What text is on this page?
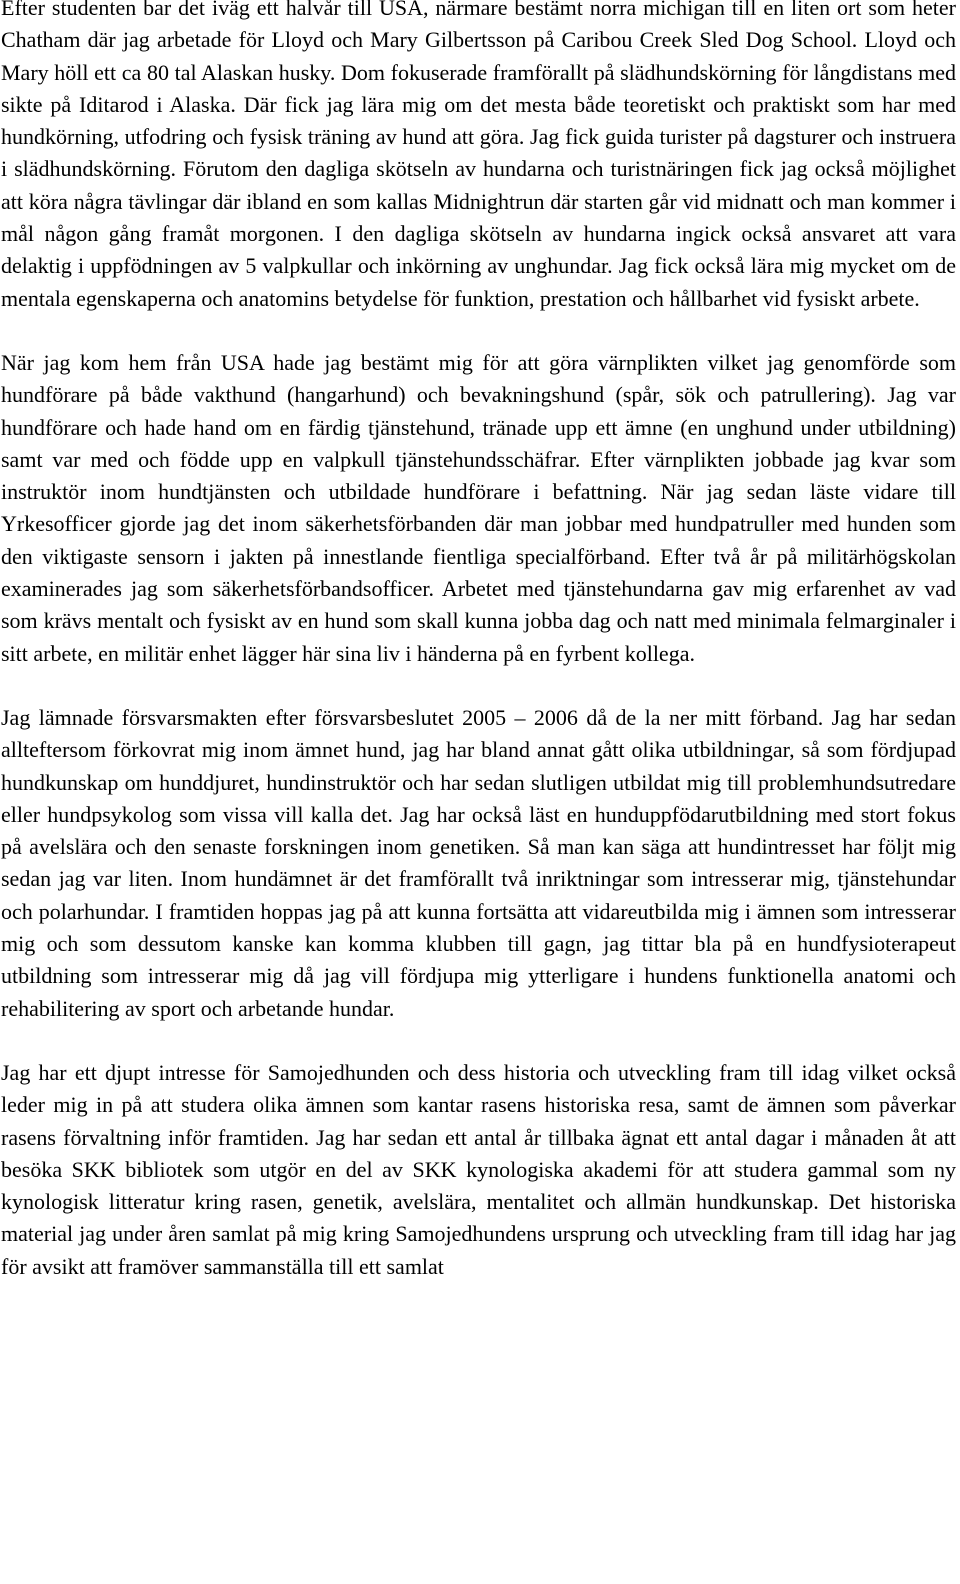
Efter studenten bar det iväg ett halvår till USA, närmare bestämt norra michigan till en liten ort som heter Chatham där jag arbetade för Lloyd och Mary Gilbertsson på Caribou Creek Sled Dog School. Lloyd och Mary höll ett ca 80 tal Alaskan husky. Dom fokuserade framförallt på slädhundskörning för långdistans med sikte på Iditarod i Alaska. Där fick jag lära mig om det mesta både teoretiskt och praktiskt som har med hundkörning, utfodring och fysisk träning av hund att göra. Jag fick guida turister på dagsturer och instruera i slädhundskörning. Förutom den dagliga skötseln av hundarna och turistnäringen fick jag också möjlighet att köra några tävlingar där ibland en som kallas Midnightrun där starten går vid midnatt och man kommer i mål någon gång framåt morgonen. I den dagliga skötseln av hundarna ingick också ansvaret att vara delaktig i uppfödningen av 5 valpkullar och inkörning av unghundar. Jag fick också lära mig mycket om de mentala egenskaperna och anatomins betydelse för funktion, prestation och hållbarhet vid fysiskt arbete.

När jag kom hem från USA hade jag bestämt mig för att göra värnplikten vilket jag genomförde som hundförare på både vakthund (hangarhund) och bevakningshund (spår, sök och patrullering). Jag var hundförare och hade hand om en färdig tjänstehund, tränade upp ett ämne (en unghund under utbildning) samt var med och födde upp en valpkull tjänstehundsschäfrar. Efter värnplikten jobbade jag kvar som instruktör inom hundtjänsten och utbildade hundförare i befattning. När jag sedan läste vidare till Yrkesofficer gjorde jag det inom säkerhetsförbanden där man jobbar med hundpatruller med hunden som den viktigaste sensorn i jakten på innestlande fientliga specialförband. Efter två år på militärhögskolan examinerades jag som säkerhetsförbandsofficer. Arbetet med tjänstehundarna gav mig erfarenhet av vad som krävs mentalt och fysiskt av en hund som skall kunna jobba dag och natt med minimala felmarginaler i sitt arbete, en militär enhet lägger här sina liv i händerna på en fyrbent kollega.

Jag lämnade försvarsmakten efter försvarsbeslutet 2005 – 2006 då de la ner mitt förband. Jag har sedan allteftersom förkovrat mig inom ämnet hund, jag har bland annat gått olika utbildningar, så som fördjupad hundkunskap om hunddjuret, hundinstruktör och har sedan slutligen utbildat mig till problemhundsutredare eller hundpsykolog som vissa vill kalla det. Jag har också läst en hunduppfödarutbildning med stort fokus på avelslära och den senaste forskningen inom genetiken. Så man kan säga att hundintresset har följt mig sedan jag var liten. Inom hundämnet är det framförallt två inriktningar som intresserar mig, tjänstehundar och polarhundar. I framtiden hoppas jag på att kunna fortsätta att vidareutbilda mig i ämnen som intresserar mig och som dessutom kanske kan komma klubben till gagn, jag tittar bla på en hundfysioterapeut utbildning som intresserar mig då jag vill fördjupa mig ytterligare i hundens funktionella anatomi och rehabilitering av sport och arbetande hundar.

Jag har ett djupt intresse för Samojedhunden och dess historia och utveckling fram till idag vilket också leder mig in på att studera olika ämnen som kantar rasens historiska resa, samt de ämnen som påverkar rasens förvaltning inför framtiden. Jag har sedan ett antal år tillbaka ägnat ett antal dagar i månaden åt att besöka SKK bibliotek som utgör en del av SKK kynologiska akademi för att studera gammal som ny kynologisk litteratur kring rasen, genetik, avelslära, mentalitet och allmän hundkunskap. Det historiska material jag under åren samlat på mig kring Samojedhundens ursprung och utveckling fram till idag har jag för avsikt att framöver sammanställa till ett samlat
